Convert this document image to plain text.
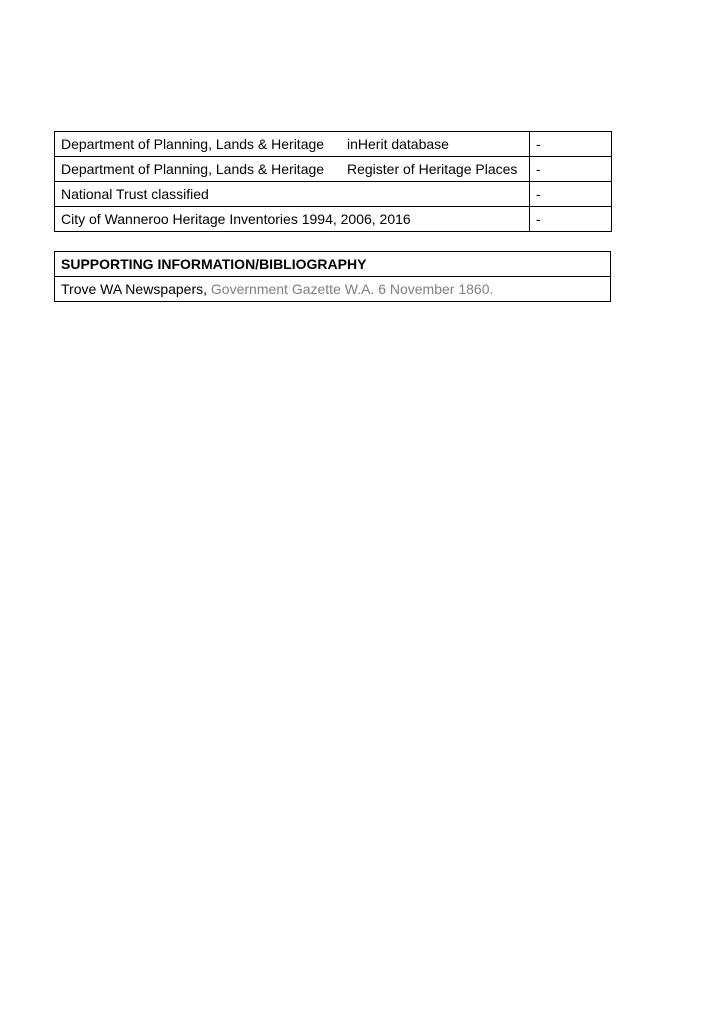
Department of Planning, Lands & Heritage inHerit database	-
Department of Planning, Lands & Heritage Register of Heritage Places	-
National Trust classified	-
City of Wanneroo Heritage Inventories 1994, 2006, 2016	-
SUPPORTING INFORMATION/BIBLIOGRAPHY
Trove WA Newspapers, Government Gazette W.A. 6 November 1860.
